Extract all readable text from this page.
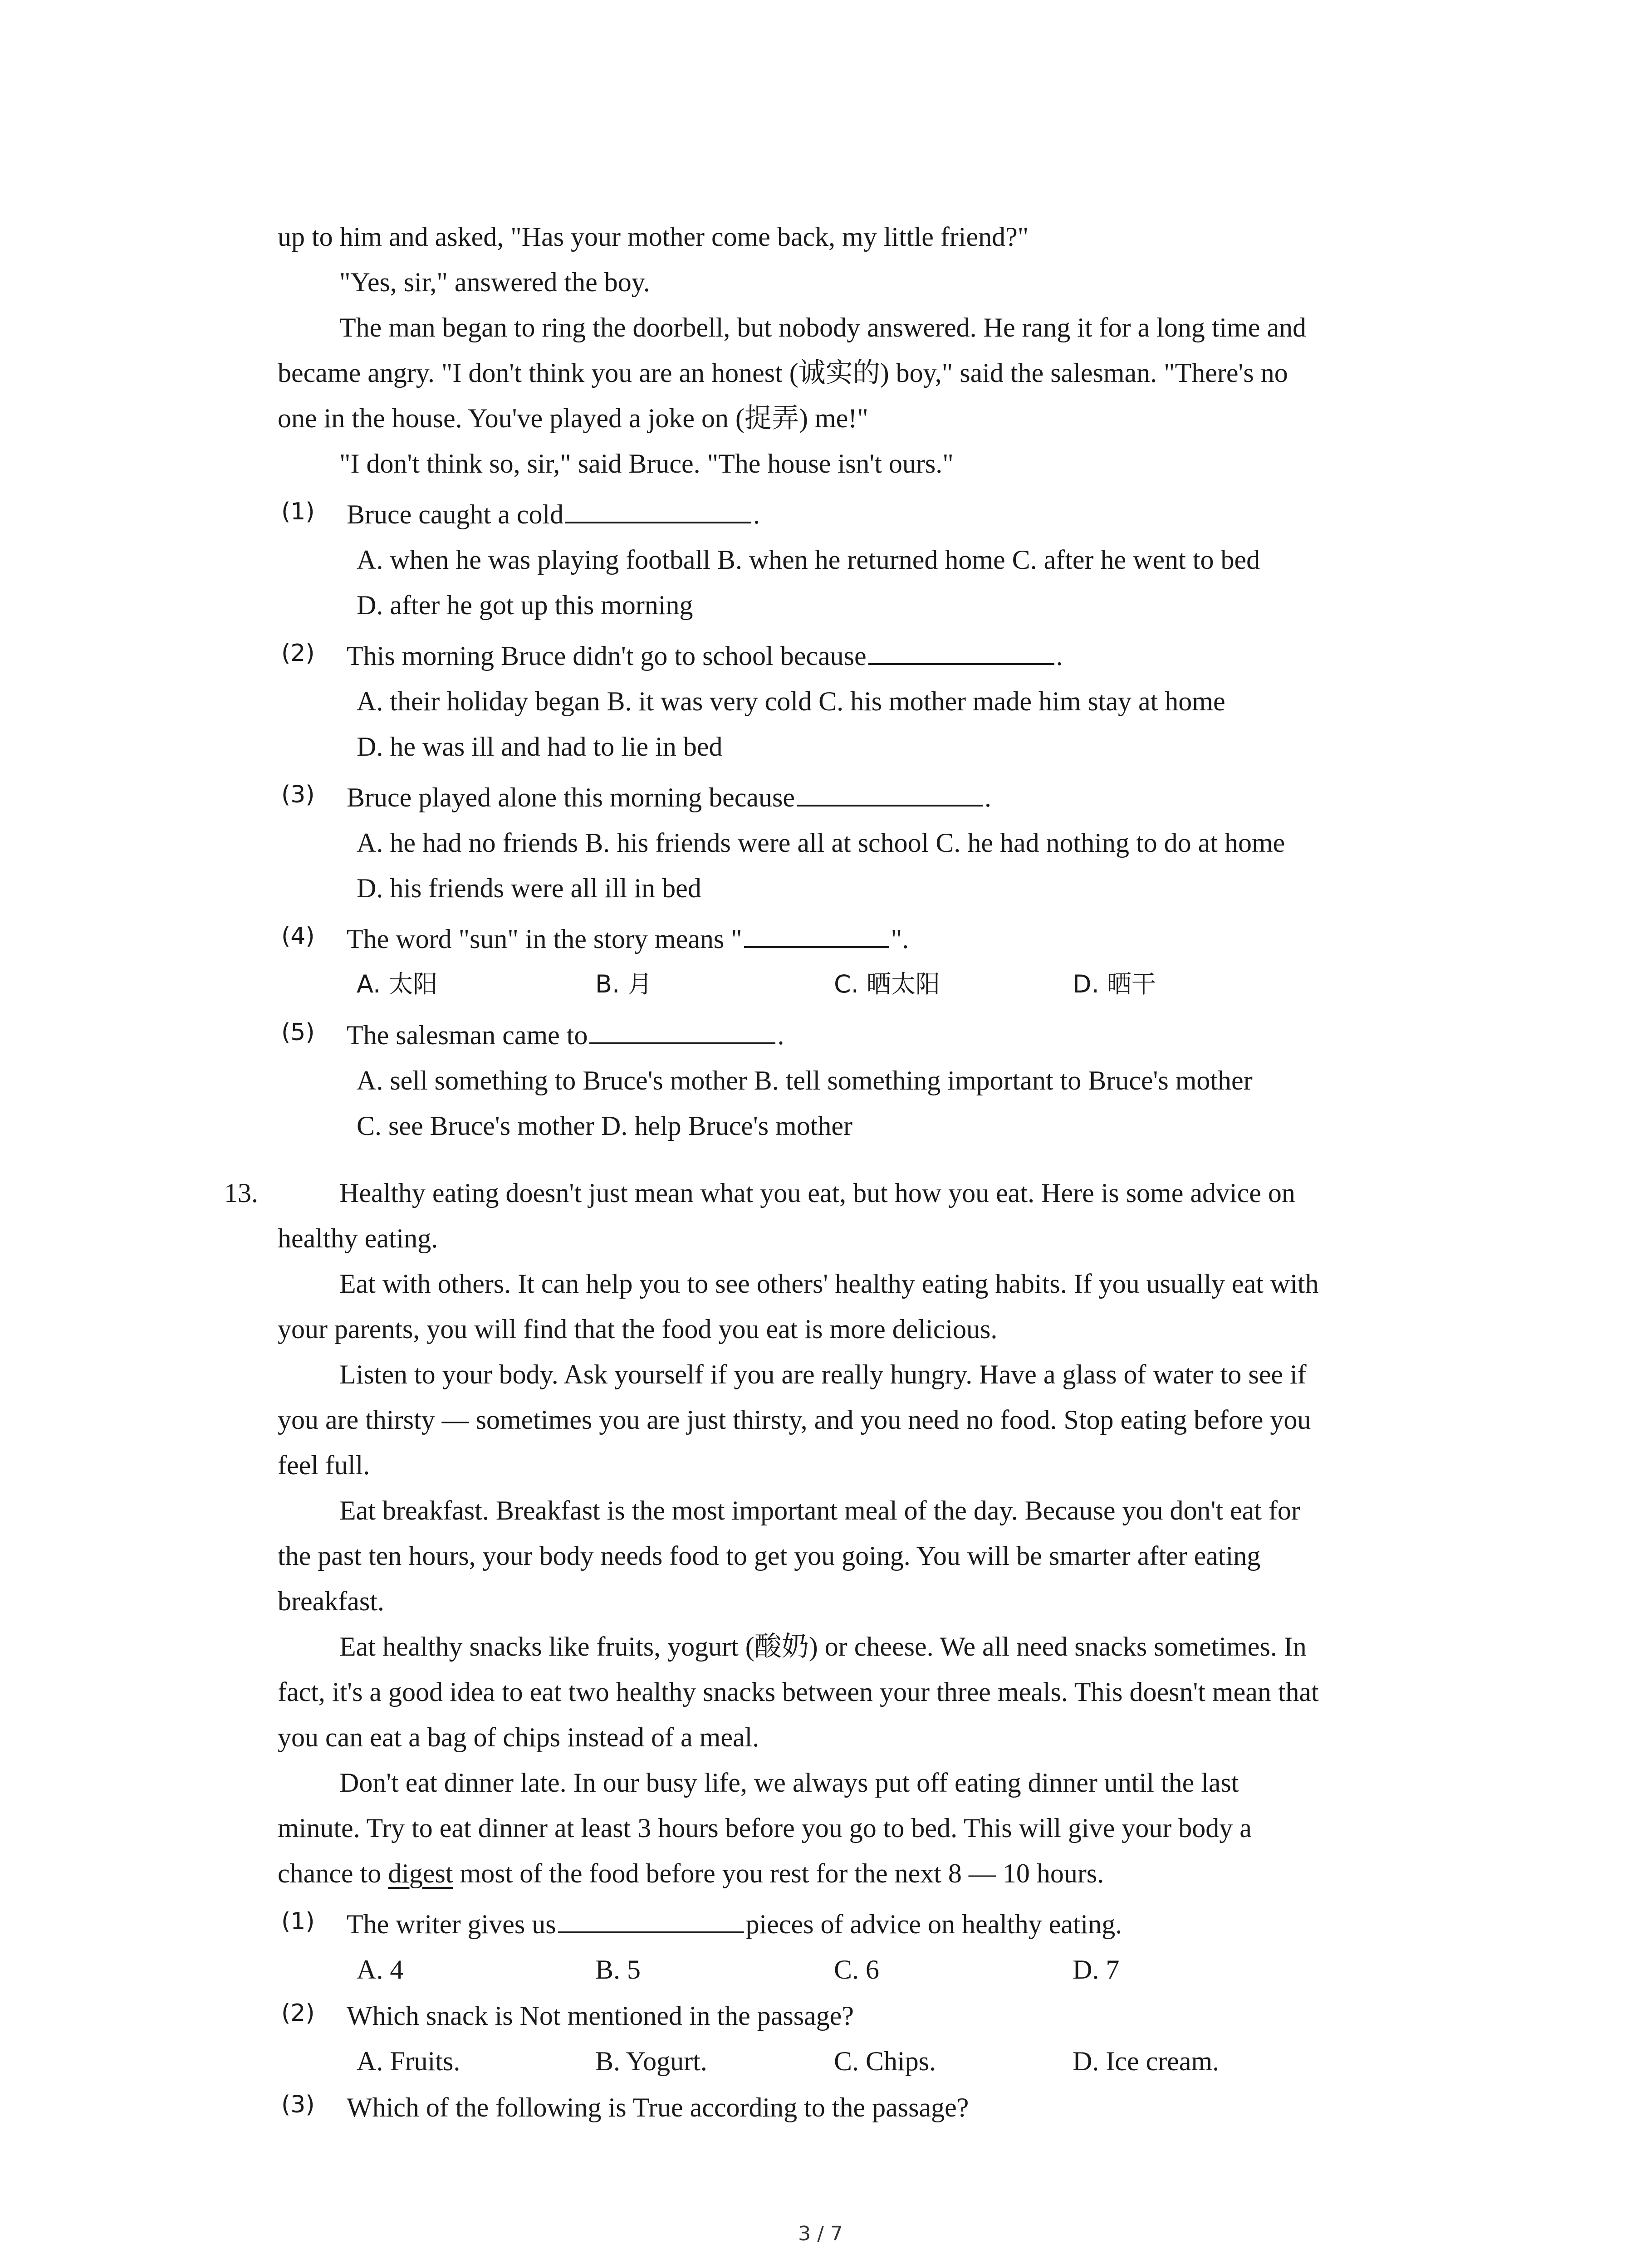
up to him and asked, "Has your mother come back, my little friend?"
"Yes, sir," answered the boy.
The man began to ring the doorbell, but nobody answered. He rang it for a long time and
became angry. "I don't think you are an honest (诚实的) boy," said the salesman. "There's no
one in the house. You've played a joke on (捉弄) me!"
"I don't think so, sir," said Bruce. "The house isn't ours."
(1) Bruce caught a cold	.
A. when he was playing football B. when he returned home C. after he went to bed
D. after he got up this morning
(2) This morning Bruce didn't go to school because	.
A. their holiday began B. it was very cold C. his mother made him stay at home
D. he was ill and had to lie in bed
(3) Bruce played alone this morning because	.
A. he had no friends B. his friends were all at school C. he had nothing to do at home
D. his friends were all ill in bed
(4) The word "sun" in the story means "	".
A. 太阳	B. 月	C. 晒太阳	D. 晒干
(5) The salesman came to	.
A. sell something to Bruce's mother B. tell something important to Bruce's mother
C. see Bruce's mother D. help Bruce's mother
13.	Healthy eating doesn't just mean what you eat, but how you eat. Here is some advice on
healthy eating.
Eat with others. It can help you to see others' healthy eating habits. If you usually eat with
your parents, you will find that the food you eat is more delicious.
Listen to your body. Ask yourself if you are really hungry. Have a glass of water to see if
you are thirsty — sometimes you are just thirsty, and you need no food. Stop eating before you
feel full.
Eat breakfast. Breakfast is the most important meal of the day. Because you don't eat for
the past ten hours, your body needs food to get you going. You will be smarter after eating
breakfast.
Eat healthy snacks like fruits, yogurt (酸奶) or cheese. We all need snacks sometimes. In
fact, it's a good idea to eat two healthy snacks between your three meals. This doesn't mean that
you can eat a bag of chips instead of a meal.
Don't eat dinner late. In our busy life, we always put off eating dinner until the last
minute. Try to eat dinner at least 3 hours before you go to bed. This will give your body a
chance to digest most of the food before you rest for the next 8 — 10 hours.
(1) The writer gives us	pieces of advice on healthy eating.
A. 4	B. 5	C. 6	D. 7
(2) Which snack is Not mentioned in the passage?
A. Fruits.	B. Yogurt.	C. Chips.	D. Ice cream.
(3) Which of the following is True according to the passage?
3 / 7
